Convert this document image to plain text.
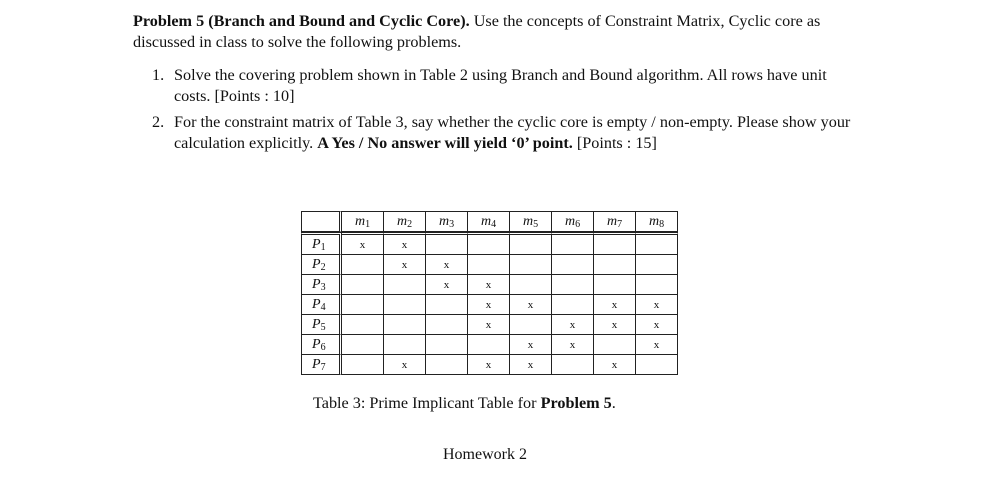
Problem 5 (Branch and Bound and Cyclic Core). Use the concepts of Constraint Matrix, Cyclic core as discussed in class to solve the following problems.
1. Solve the covering problem shown in Table 2 using Branch and Bound algorithm. All rows have unit costs. [Points : 10]
2. For the constraint matrix of Table 3, say whether the cyclic core is empty / non-empty. Please show your calculation explicitly. A Yes / No answer will yield ‘0’ point. [Points : 15]
	$m_1$	$m_2$	$m_3$	$m_4$	$m_5$	$m_6$	$m_7$	$m_8$
$P_1$	x	x						
$P_2$		x	x					
$P_3$			x	x				
$P_4$				x	x		x	x
$P_5$				x		x	x	x
$P_6$					x	x		x
$P_7$		x		x	x		x	
Table 3: Prime Implicant Table for Problem 5.
Homework 2
